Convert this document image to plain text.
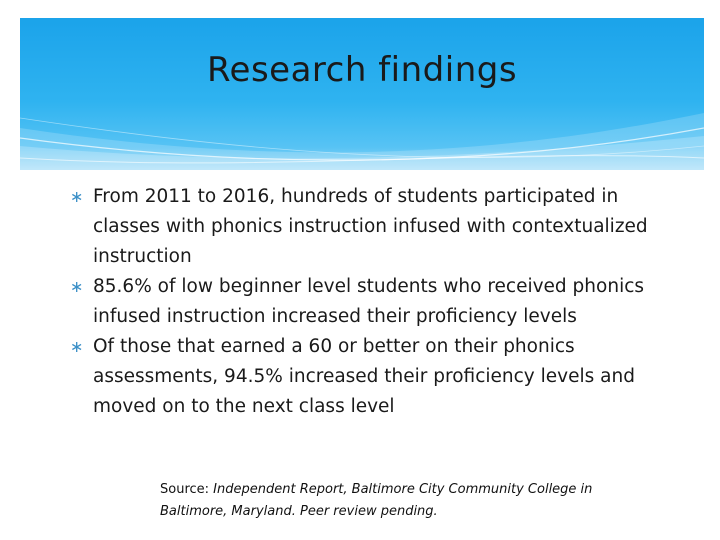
Research findings
∗ From 2011 to 2016, hundreds of students participated in classes with phonics instruction infused with contextualized instruction
∗ 85.6% of low beginner level students who received phonics infused instruction increased their proficiency levels
∗ Of those that earned a 60 or better on their phonics assessments, 94.5% increased their proficiency levels and moved on to the next class level
Source: Independent Report, Baltimore City Community College in Baltimore, Maryland. Peer review pending.
